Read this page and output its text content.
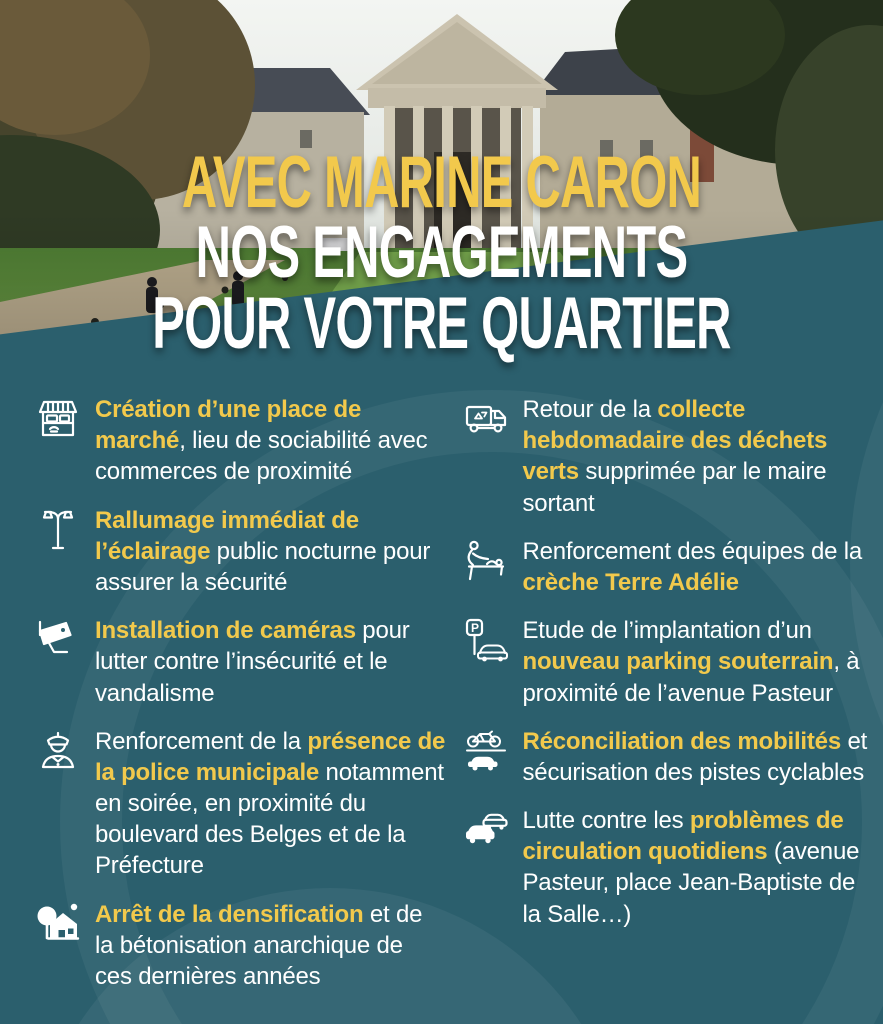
AVEC MARINE CARON
NOS ENGAGEMENTS
POUR VOTRE QUARTIER

Création d’une place de marché, lieu de sociabilité avec commerces de proximité

Rallumage immédiat de l’éclairage public nocturne pour assurer la sécurité

Installation de caméras pour lutter contre l’insécurité et le vandalisme

Renforcement de la présence de la police municipale notamment en soirée, en proximité du boulevard des Belges et de la Préfecture

Arrêt de la densification et de la bétonisation anarchique de ces dernières années

Retour de la collecte hebdomadaire des déchets verts supprimée par le maire sortant

Renforcement des équipes de la crèche Terre Adélie

P Etude de l’implantation d’un nouveau parking souterrain, à proximité de l’avenue Pasteur

Réconciliation des mobilités et sécurisation des pistes cyclables

Lutte contre les problèmes de circulation quotidiens (avenue Pasteur, place Jean-Baptiste de la Salle…)
